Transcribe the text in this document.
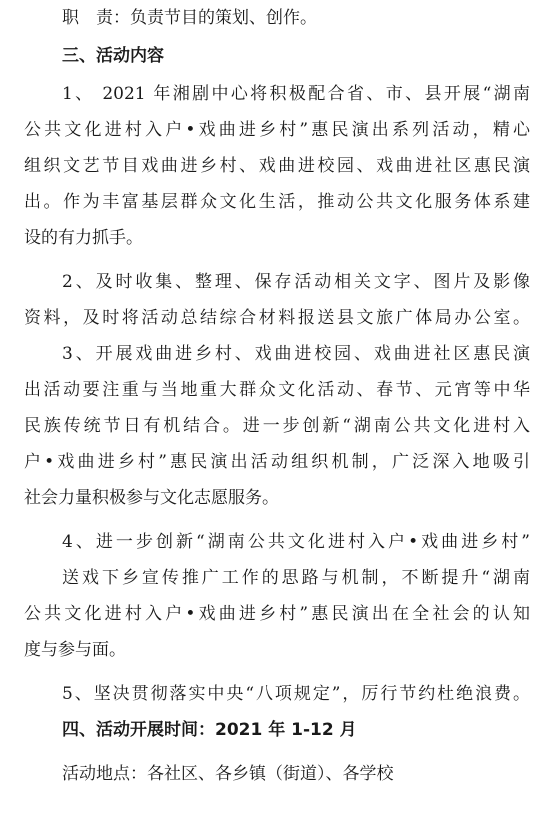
职　责：负责节目的策划、创作。
三、活动内容
1、 2021 年湘剧中心将积极配合省、市、县开展“湖南
公共文化进村入户•戏曲进乡村”惠民演出系列活动，精心
组织文艺节目戏曲进乡村、戏曲进校园、戏曲进社区惠民演
出。作为丰富基层群众文化生活，推动公共文化服务体系建
设的有力抓手。
2、及时收集、整理、保存活动相关文字、图片及影像
资料，及时将活动总结综合材料报送县文旅广体局办公室。
3、开展戏曲进乡村、戏曲进校园、戏曲进社区惠民演
出活动要注重与当地重大群众文化活动、春节、元宵等中华
民族传统节日有机结合。进一步创新“湖南公共文化进村入
户•戏曲进乡村”惠民演出活动组织机制，广泛深入地吸引
社会力量积极参与文化志愿服务。
4、进一步创新“湖南公共文化进村入户•戏曲进乡村”
送戏下乡宣传推广工作的思路与机制，不断提升“湖南
公共文化进村入户•戏曲进乡村”惠民演出在全社会的认知
度与参与面。
5、坚决贯彻落实中央“八项规定”，厉行节约杜绝浪费。
四、活动开展时间：2021 年 1-12 月
活动地点：各社区、各乡镇（街道）、各学校
